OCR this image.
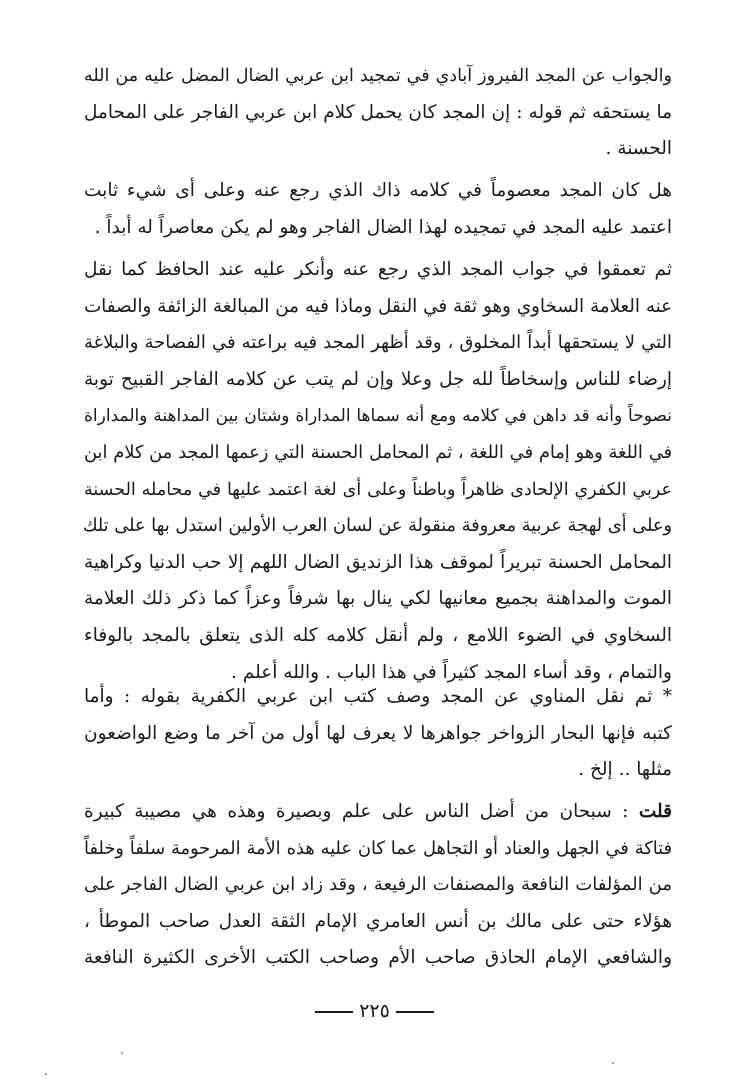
والجواب عن المجد الفيروز آبادي في تمجيد ابن عربي الضال المضل عليه من الله
ما يستحقه ثم قوله : إن المجد كان يحمل كلام ابن عربي الفاجر على المحامل
الحسنة .

هل كان المجد معصوماً في كلامه ذاك الذي رجع عنه وعلى أى شيء ثابت
اعتمد عليه المجد في تمجيده لهذا الضال الفاجر وهو لم يكن معاصراً له أبداً .

ثم تعمقوا في جواب المجد الذي رجع عنه وأنكر عليه عند الحافظ كما نقل
عنه العلامة السخاوي وهو ثقة في النقل وماذا فيه من المبالغة الزائفة والصفات
التي لا يستحقها أبداً المخلوق ، وقد أظهر المجد فيه براعته في الفصاحة والبلاغة
إرضاء للناس وإسخاطاً لله جل وعلا وإن لم يتب عن كلامه الفاجر القبيح توبة
نصوحاً وأنه قد داهن في كلامه ومع أنه سماها المداراة وشتان بين المداهنة والمداراة
في اللغة وهو إمام في اللغة ، ثم المحامل الحسنة التي زعمها المجد من كلام ابن
عربي الكفري الإلحادى ظاهراً وباطناً وعلى أى لغة اعتمد عليها في محامله الحسنة
وعلى أى لهجة عربية معروفة منقولة عن لسان العرب الأولين استدل بها على تلك
المحامل الحسنة تبريراً لموقف هذا الزنديق الضال اللهم إلا حب الدنيا وكراهية
الموت والمداهنة بجميع معانيها لكي ينال بها شرفاً وعزاً كما ذكر ذلك العلامة
السخاوي في الضوء اللامع ، ولم أنقل كلامه كله الذى يتعلق بالمجد بالوفاء
والتمام ، وقد أساء المجد كثيراً في هذا الباب . والله أعلم .

* ثم نقل المناوي عن المجد وصف كتب ابن عربي الكفرية بقوله : وأما
كتبه فإنها البحار الزواخر جواهرها لا يعرف لها أول من آخر ما وضع الواضعون
مثلها .. إلخ .

قلت : سبحان من أضل الناس على علم وبصيرة وهذه هي مصيبة كبيرة
فتاكة في الجهل والعناد أو التجاهل عما كان عليه هذه الأمة المرحومة سلفاً وخلفاً
من المؤلفات النافعة والمصنفات الرفيعة ، وقد زاد ابن عربي الضال الفاجر على
هؤلاء حتى على مالك بن أنس العامري الإمام الثقة العدل صاحب الموطأ ،
والشافعي الإمام الحاذق صاحب الأم وصاحب الكتب الأخرى الكثيرة النافعة

٢٢٥
